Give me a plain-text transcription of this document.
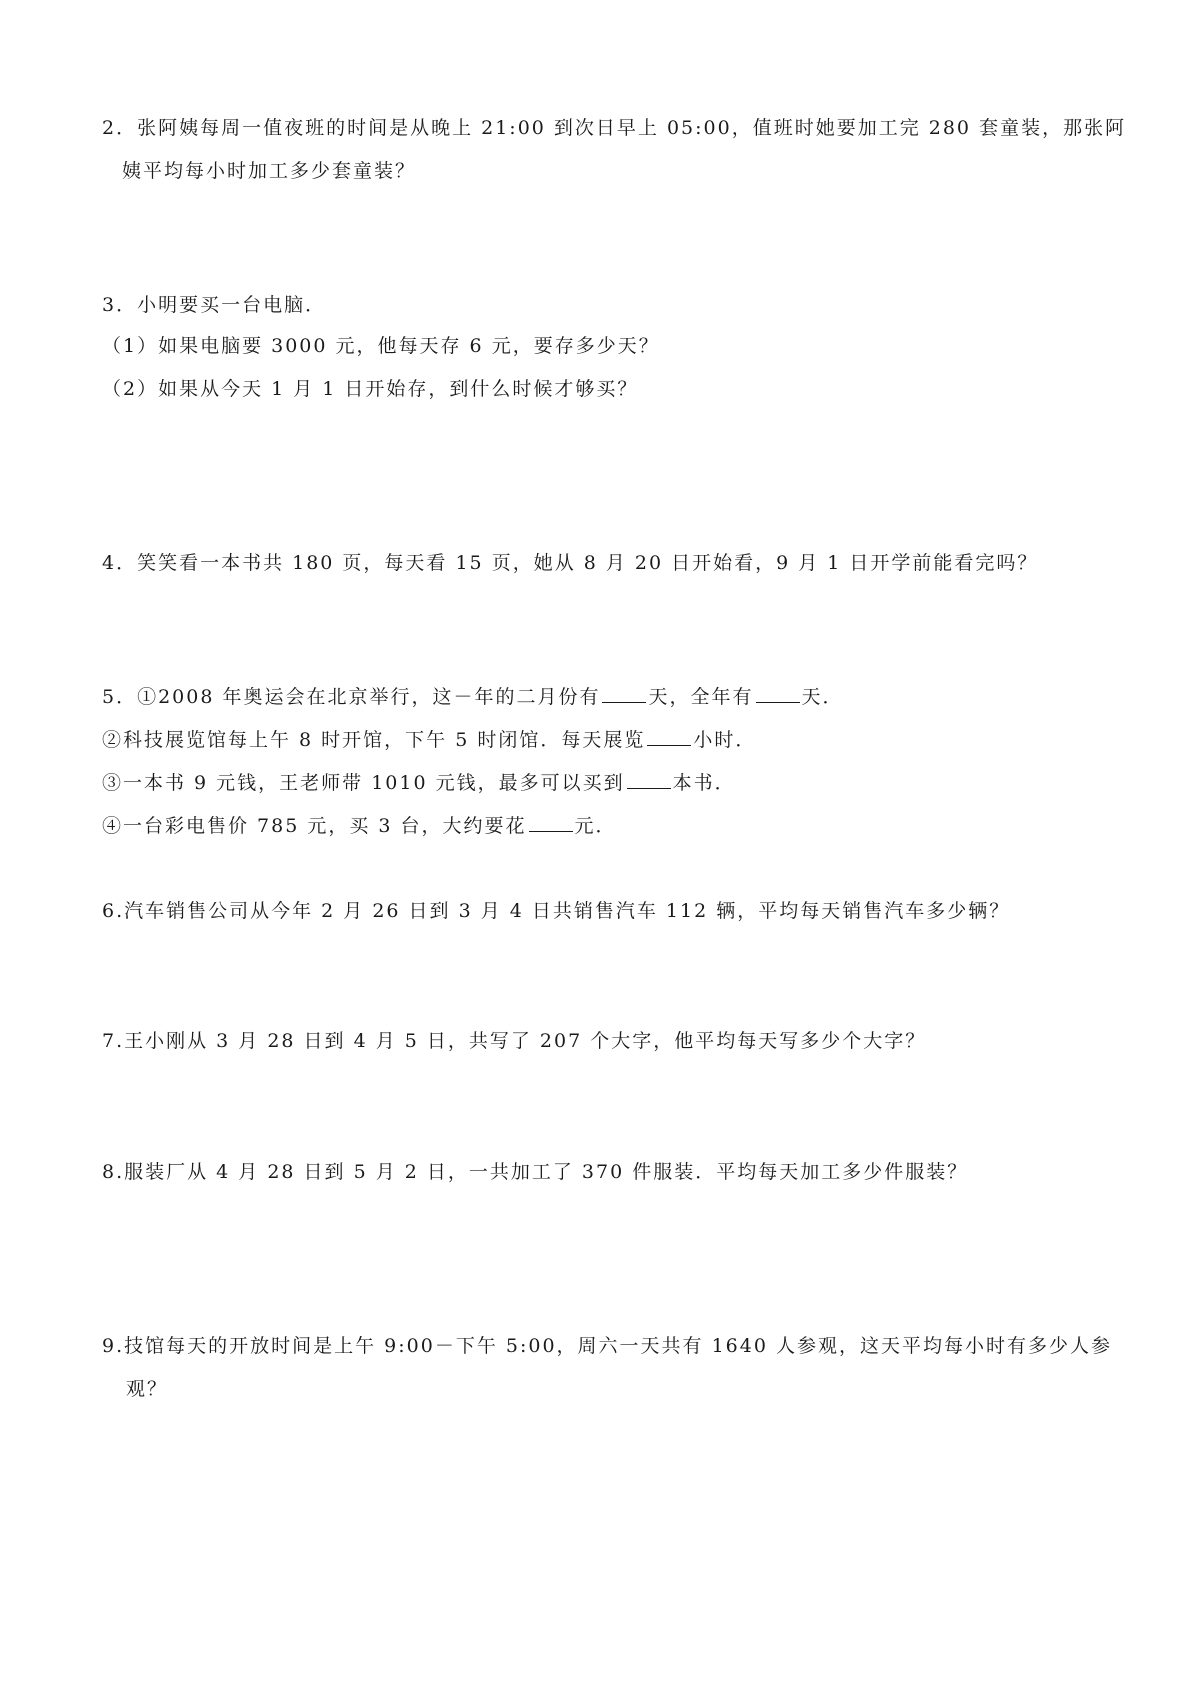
2．张阿姨每周一值夜班的时间是从晚上 21:00 到次日早上 05:00，值班时她要加工完 280 套童装，那张阿
姨平均每小时加工多少套童装？
3．小明要买一台电脑．
（1）如果电脑要 3000 元，他每天存 6 元，要存多少天？
（2）如果从今天 1 月 1 日开始存，到什么时候才够买？
4．笑笑看一本书共 180 页，每天看 15 页，她从 8 月 20 日开始看，9 月 1 日开学前能看完吗？
5．①2008 年奥运会在北京举行，这－年的二月份有	天，全年有	天．
②科技展览馆每上午 8 时开馆，下午 5 时闭馆．每天展览	小时．
③一本书 9 元钱，王老师带 1010 元钱，最多可以买到	本书．
④一台彩电售价 785 元，买 3 台，大约要花	元．
6.汽车销售公司从今年 2 月 26 日到 3 月 4 日共销售汽车 112 辆，平均每天销售汽车多少辆？
7.王小刚从 3 月 28 日到 4 月 5 日，共写了 207 个大字，他平均每天写多少个大字？
8.服装厂从 4 月 28 日到 5 月 2 日，一共加工了 370 件服装．平均每天加工多少件服装？
9.技馆每天的开放时间是上午 9:00－下午 5:00，周六一天共有 1640 人参观，这天平均每小时有多少人参
观？
